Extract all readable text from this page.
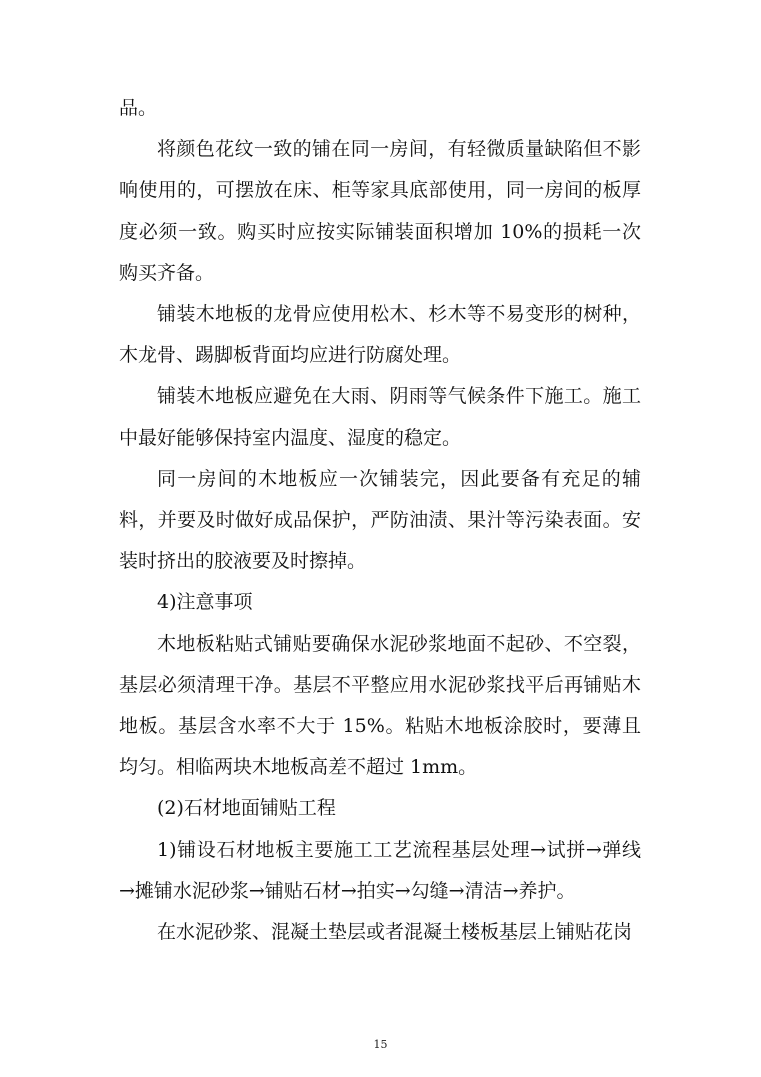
品。

将颜色花纹一致的铺在同一房间，有轻微质量缺陷但不影响使用的，可摆放在床、柜等家具底部使用，同一房间的板厚度必须一致。购买时应按实际铺装面积增加 10%的损耗一次购买齐备。

铺装木地板的龙骨应使用松木、杉木等不易变形的树种，木龙骨、踢脚板背面均应进行防腐处理。

铺装木地板应避免在大雨、阴雨等气候条件下施工。施工中最好能够保持室内温度、湿度的稳定。

同一房间的木地板应一次铺装完，因此要备有充足的辅料，并要及时做好成品保护，严防油渍、果汁等污染表面。安装时挤出的胶液要及时擦掉。

4)注意事项

木地板粘贴式铺贴要确保水泥砂浆地面不起砂、不空裂，基层必须清理干净。基层不平整应用水泥砂浆找平后再铺贴木地板。基层含水率不大于 15%。粘贴木地板涂胶时，要薄且均匀。相临两块木地板高差不超过 1mm。

(2)石材地面铺贴工程

1)铺设石材地板主要施工工艺流程基层处理→试拼→弹线→摊铺水泥砂浆→铺贴石材→拍实→勾缝→清洁→养护。

在水泥砂浆、混凝土垫层或者混凝土楼板基层上铺贴花岗

15
